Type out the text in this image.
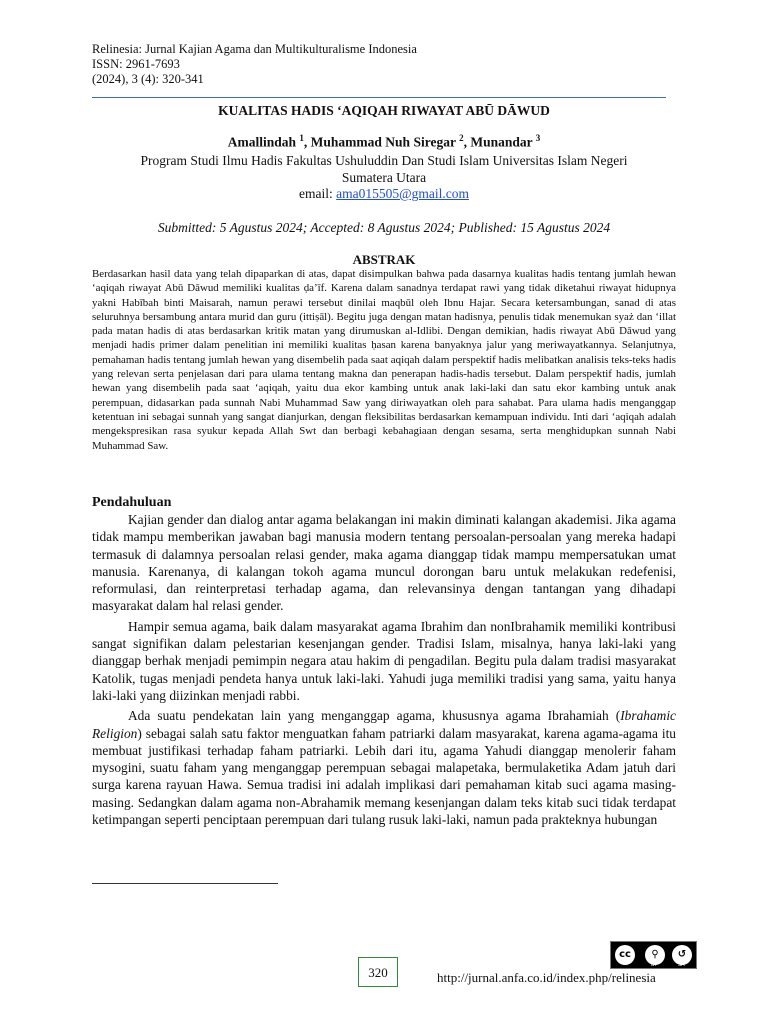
Relinesia: Jurnal Kajian Agama dan Multikulturalisme Indonesia
ISSN: 2961-7693
(2024), 3 (4): 320-341
KUALITAS HADIS ‘AQIQAH RIWAYAT ABŪ DĀWUD
Amallindah $^1$, Muhammad Nuh Siregar $^2$, Munandar $^3$
Program Studi Ilmu Hadis Fakultas Ushuluddin Dan Studi Islam Universitas Islam Negeri
Sumatera Utara
email: ama015505@gmail.com
Submitted: 5 Agustus 2024; Accepted: 8 Agustus 2024; Published: 15 Agustus 2024
ABSTRAK
Berdasarkan hasil data yang telah dipaparkan di atas, dapat disimpulkan bahwa pada dasarnya kualitas hadis tentang jumlah hewan ‘aqiqah riwayat Abū Dāwud memiliki kualitas ḍa’īf. Karena dalam sanadnya terdapat rawi yang tidak diketahui riwayat hidupnya yakni Habībah binti Maisarah, namun perawi tersebut dinilai maqbūl oleh Ibnu Hajar. Secara ketersambungan, sanad di atas seluruhnya bersambung antara murid dan guru (ittiṣāl). Begitu juga dengan matan hadisnya, penulis tidak menemukan syaż dan ‘illat pada matan hadis di atas berdasarkan kritik matan yang dirumuskan al-Idlibi. Dengan demikian, hadis riwayat Abū Dāwud yang menjadi hadis primer dalam penelitian ini memiliki kualitas ḥasan karena banyaknya jalur yang meriwayatkannya. Selanjutnya, pemahaman hadis tentang jumlah hewan yang disembelih pada saat aqiqah dalam perspektif hadis melibatkan analisis teks-teks hadis yang relevan serta penjelasan dari para ulama tentang makna dan penerapan hadis-hadis tersebut. Dalam perspektif hadis, jumlah hewan yang disembelih pada saat ‘aqiqah, yaitu dua ekor kambing untuk anak laki-laki dan satu ekor kambing untuk anak perempuan, didasarkan pada sunnah Nabi Muhammad Saw yang diriwayatkan oleh para sahabat. Para ulama hadis menganggap ketentuan ini sebagai sunnah yang sangat dianjurkan, dengan fleksibilitas berdasarkan kemampuan individu. Inti dari ‘aqiqah adalah mengekspresikan rasa syukur kepada Allah Swt dan berbagi kebahagiaan dengan sesama, serta menghidupkan sunnah Nabi Muhammad Saw.
Pendahuluan

Kajian gender dan dialog antar agama belakangan ini makin diminati kalangan akademisi. Jika agama tidak mampu memberikan jawaban bagi manusia modern tentang persoalan-persoalan yang mereka hadapi termasuk di dalamnya persoalan relasi gender, maka agama dianggap tidak mampu mempersatukan umat manusia. Karenanya, di kalangan tokoh agama muncul dorongan baru untuk melakukan redefenisi, reformulasi, dan reinterpretasi terhadap agama, dan relevansinya dengan tantangan yang dihadapi masyarakat dalam hal relasi gender.

Hampir semua agama, baik dalam masyarakat agama Ibrahim dan nonIbrahamik memiliki kontribusi sangat signifikan dalam pelestarian kesenjangan gender. Tradisi Islam, misalnya, hanya laki-laki yang dianggap berhak menjadi pemimpin negara atau hakim di pengadilan. Begitu pula dalam tradisi masyarakat Katolik, tugas menjadi pendeta hanya untuk laki-laki. Yahudi juga memiliki tradisi yang sama, yaitu hanya laki-laki yang diizinkan menjadi rabbi.

Ada suatu pendekatan lain yang menganggap agama, khususnya agama Ibrahamiah (Ibrahamic Religion) sebagai salah satu faktor menguatkan faham patriarki dalam masyarakat, karena agama-agama itu membuat justifikasi terhadap faham patriarki. Lebih dari itu, agama Yahudi dianggap menolerir faham mysogini, suatu faham yang menganggap perempuan sebagai malapetaka, bermulaketika Adam jatuh dari surga karena rayuan Hawa. Semua tradisi ini adalah implikasi dari pemahaman kitab suci agama masing-masing. Sedangkan dalam agama non-Abrahamik memang kesenjangan dalam teks kitab suci tidak terdapat ketimpangan seperti penciptaan perempuan dari tulang rusuk laki-laki, namun pada prakteknya hubungan

cc	⚲	↺
BY	SA
320	http://jurnal.anfa.co.id/index.php/relinesia
